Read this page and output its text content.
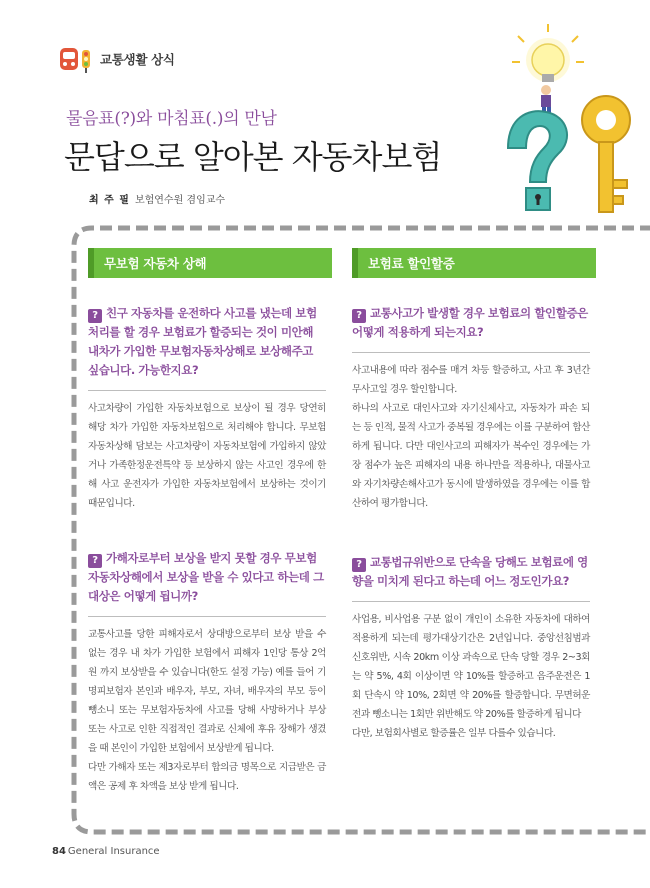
교통생활 상식
물음표(?)와 마침표(.)의 만남
문답으로 알아본 자동차보험
최 주 필 보험연수원 겸임교수
무보험 자동차 상해
? 친구 자동차를 운전하다 사고를 냈는데 보험처리를 할 경우 보험료가 할증되는 것이 미안해 내차가 가입한 무보험자동차상해로 보상해주고 싶습니다. 가능한지요?

사고차량이 가입한 자동차보험으로 보상이 될 경우 당연히 해당 차가 가입한 자동차보험으로 처리해야 합니다. 무보험자동차상해 담보는 사고차량이 자동차보험에 가입하지 않았거나 가족한정운전특약 등 보상하지 않는 사고인 경우에 한해 사고 운전자가 가입한 자동차보험에서 보상하는 것이기 때문입니다.

? 가해자로부터 보상을 받지 못할 경우 무보험자동차상해에서 보상을 받을 수 있다고 하는데 그 대상은 어떻게 됩니까?

교통사고를 당한 피해자로서 상대방으로부터 보상 받을 수 없는 경우 내 차가 가입한 보험에서 피해자 1인당 통상 2억 원 까지 보상받을 수 있습니다(한도 설정 가능) 예를 들어 기명피보험자 본인과 배우자, 부모, 자녀, 배우자의 부모 등이 뺑소니 또는 무보험자동차에 사고를 당해 사망하거나 부상 또는 사고로 인한 직접적인 결과로 신체에 후유 장해가 생겼을 때 본인이 가입한 보험에서 보상받게 됩니다.

다만 가해자 또는 제3자로부터 합의금 명목으로 지급받은 금액은 공제 후 차액을 보상 받게 됩니다.

보험료 할인할증
? 교통사고가 발생할 경우 보험료의 할인할증은 어떻게 적용하게 되는지요?

사고내용에 따라 점수를 매겨 차등 할증하고, 사고 후 3년간 무사고일 경우 할인합니다.

하나의 사고로 대인사고와 자기신체사고, 자동차가 파손 되는 등 인적, 물적 사고가 중복될 경우에는 이를 구분하여 합산하게 됩니다. 다만 대인사고의 피해자가 복수인 경우에는 가장 점수가 높은 피해자의 내용 하나만을 적용하나, 대물사고와 자기차량손해사고가 동시에 발생하였을 경우에는 이를 합산하여 평가합니다.

? 교통법규위반으로 단속을 당해도 보험료에 영향을 미치게 된다고 하는데 어느 정도인가요?

사업용, 비사업용 구분 없이 개인이 소유한 자동차에 대하여 적용하게 되는데 평가대상기간은 2년입니다. 중앙선침범과 신호위반, 시속 20km 이상 과속으로 단속 당할 경우 2~3회는 약 5%, 4회 이상이면 약 10%를 할증하고 음주운전은 1회 단속시 약 10%, 2회면 약 20%를 할증합니다. 무면허운전과 뺑소니는 1회만 위반해도 약 20%를 할증하게 됩니다

다만, 보험회사별로 할증률은 일부 다를수 있습니다.

84 General Insurance
